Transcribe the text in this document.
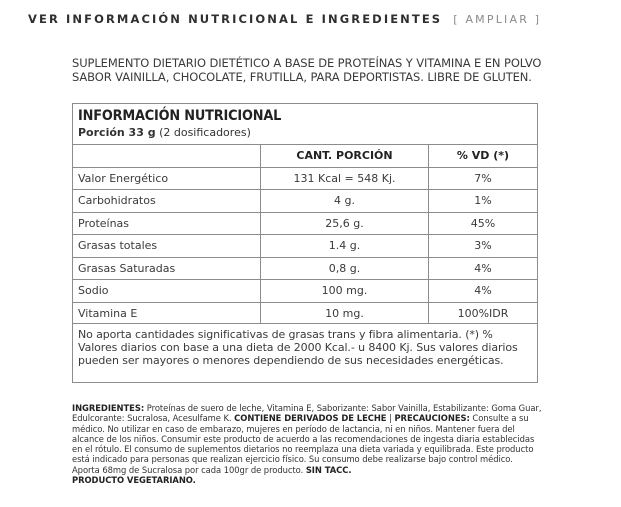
VER INFORMACIÓN NUTRICIONAL E INGREDIENTES [ AMPLIAR ]
SUPLEMENTO DIETARIO DIETÉTICO A BASE DE PROTEÍNAS Y VITAMINA E EN POLVO SABOR VAINILLA, CHOCOLATE, FRUTILLA, PARA DEPORTISTAS. LIBRE DE GLUTEN.
INFORMACIÓN NUTRICIONAL
Porción 33 g (2 dosificadores)
	CANT. PORCIÓN	% VD (*)
Valor Energético	131 Kcal = 548 Kj.	7%
Carbohidratos	4 g.	1%
Proteínas	25,6 g.	45%
Grasas totales	1.4 g.	3%
Grasas Saturadas	0,8 g.	4%
Sodio	100 mg.	4%
Vitamina E	10 mg.	100%IDR
No aporta cantidades significativas de grasas trans y fibra alimentaria. (*) % Valores diarios con base a una dieta de 2000 Kcal.- u 8400 Kj. Sus valores diarios pueden ser mayores o menores dependiendo de sus necesidades energéticas.
INGREDIENTES: Proteínas de suero de leche, Vitamina E, Saborizante: Sabor Vainilla, Estabilizante: Goma Guar, Edulcorante: Sucralosa, Acesulfame K. CONTIENE DERIVADOS DE LECHE | PRECAUCIONES: Consulte a su médico. No utilizar en caso de embarazo, mujeres en período de lactancia, ni en niños. Mantener fuera del alcance de los niños. Consumir este producto de acuerdo a las recomendaciones de ingesta diaria establecidas en el rótulo. El consumo de suplementos dietarios no reemplaza una dieta variada y equilibrada. Este producto está indicado para personas que realizan ejercicio físico. Su consumo debe realizarse bajo control médico. Aporta 68mg de Sucralosa por cada 100gr de producto. SIN TACC.
PRODUCTO VEGETARIANO.
